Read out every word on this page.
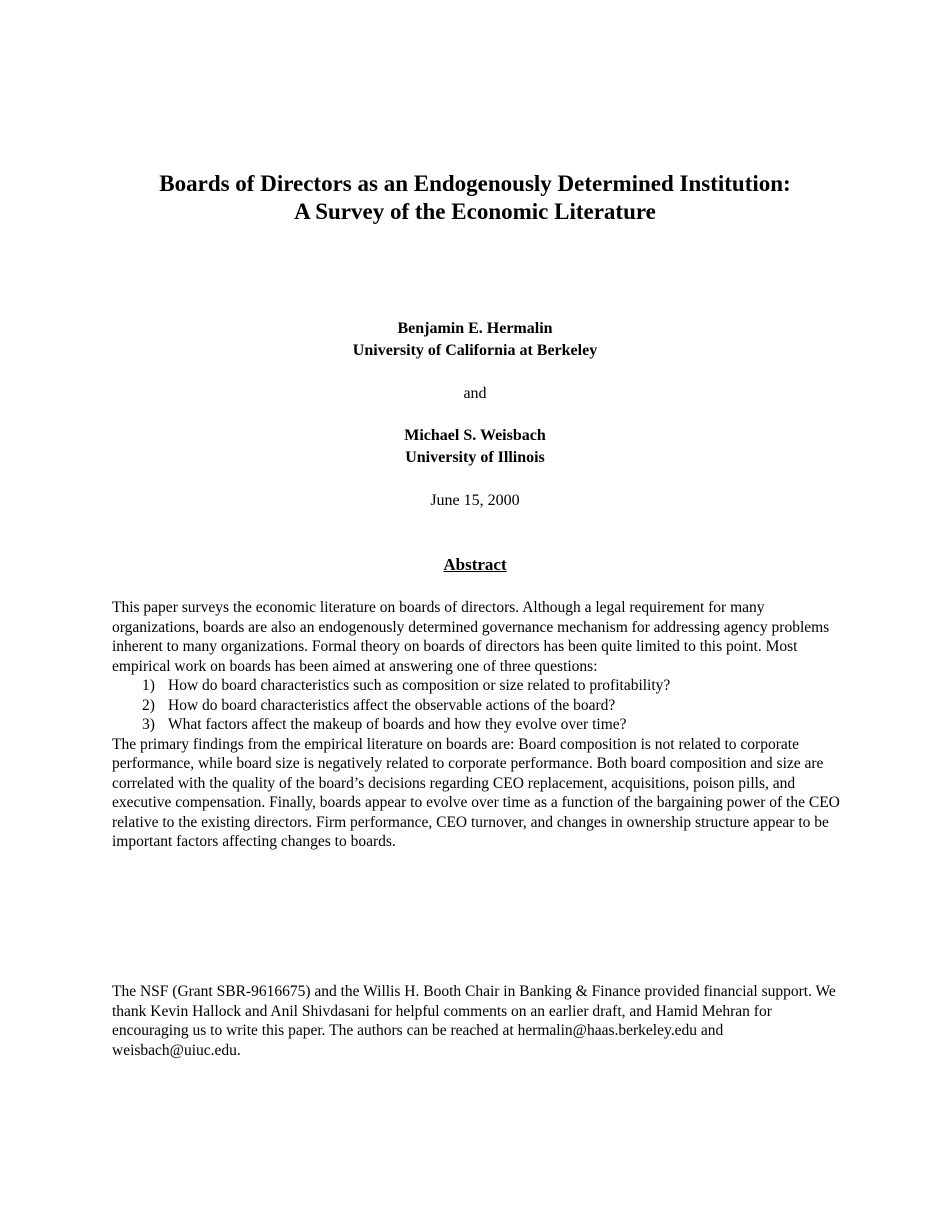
Boards of Directors as an Endogenously Determined Institution:
A Survey of the Economic Literature
Benjamin E. Hermalin
University of California at Berkeley
and
Michael S. Weisbach
University of Illinois
June 15, 2000
Abstract

This paper surveys the economic literature on boards of directors. Although a legal requirement for many organizations, boards are also an endogenously determined governance mechanism for addressing agency problems inherent to many organizations. Formal theory on boards of directors has been quite limited to this point. Most empirical work on boards has been aimed at answering one of three questions:

1) How do board characteristics such as composition or size related to profitability?
2) How do board characteristics affect the observable actions of the board?
3) What factors affect the makeup of boards and how they evolve over time?

The primary findings from the empirical literature on boards are: Board composition is not related to corporate performance, while board size is negatively related to corporate performance. Both board composition and size are correlated with the quality of the board’s decisions regarding CEO replacement, acquisitions, poison pills, and executive compensation. Finally, boards appear to evolve over time as a function of the bargaining power of the CEO relative to the existing directors. Firm performance, CEO turnover, and changes in ownership structure appear to be important factors affecting changes to boards.

The NSF (Grant SBR-9616675) and the Willis H. Booth Chair in Banking & Finance provided financial support. We thank Kevin Hallock and Anil Shivdasani for helpful comments on an earlier draft, and Hamid Mehran for encouraging us to write this paper. The authors can be reached at hermalin@haas.berkeley.edu and weisbach@uiuc.edu.
